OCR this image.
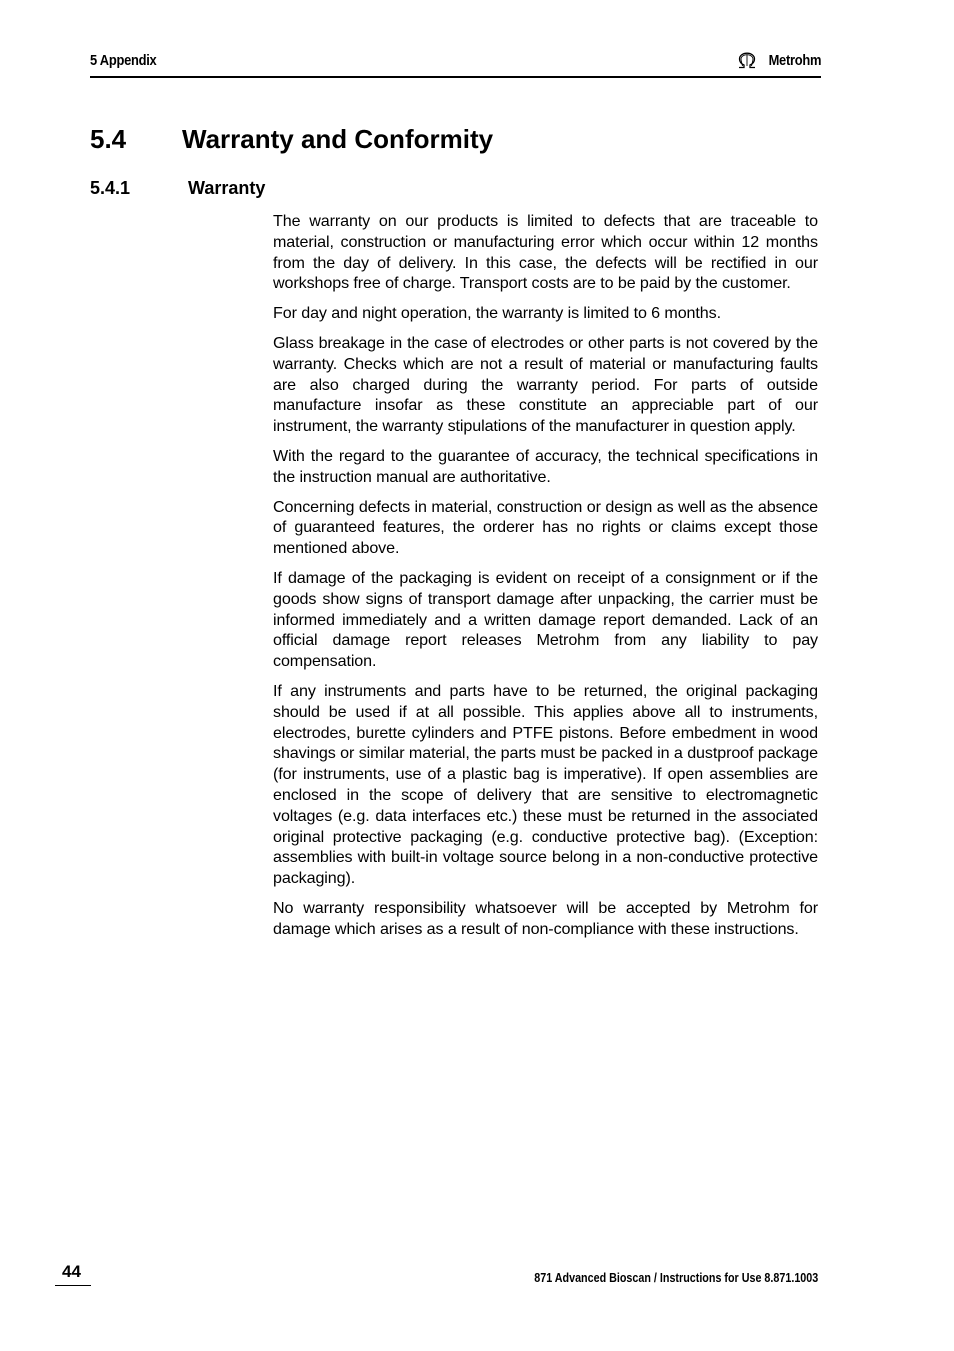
5 Appendix	Metrohm
5.4 Warranty and Conformity
5.4.1	Warranty

The warranty on our products is limited to defects that are traceable to material, construction or manufacturing error which occur within 12 months from the day of delivery. In this case, the defects will be rectified in our workshops free of charge. Transport costs are to be paid by the customer.

For day and night operation, the warranty is limited to 6 months.

Glass breakage in the case of electrodes or other parts is not covered by the warranty. Checks which are not a result of material or manufacturing faults are also charged during the warranty period. For parts of outside manufacture insofar as these constitute an appreciable part of our instrument, the warranty stipulations of the manufacturer in question apply.

With the regard to the guarantee of accuracy, the technical specifications in the instruction manual are authoritative.

Concerning defects in material, construction or design as well as the absence of guaranteed features, the orderer has no rights or claims except those mentioned above.

If damage of the packaging is evident on receipt of a consignment or if the goods show signs of transport damage after unpacking, the carrier must be informed immediately and a written damage report demanded. Lack of an official damage report releases Metrohm from any liability to pay compensation.

If any instruments and parts have to be returned, the original packaging should be used if at all possible. This applies above all to instruments, electrodes, burette cylinders and PTFE pistons. Before embedment in wood shavings or similar material, the parts must be packed in a dustproof package (for instruments, use of a plastic bag is imperative). If open assemblies are enclosed in the scope of delivery that are sensitive to electromagnetic voltages (e.g. data interfaces etc.) these must be returned in the associated original protective packaging (e.g. conductive protective bag). (Exception: assemblies with built-in voltage source belong in a non-conductive protective packaging).

No warranty responsibility whatsoever will be accepted by Metrohm for damage which arises as a result of non-compliance with these instructions.

44	871 Advanced Bioscan / Instructions for Use 8.871.1003
